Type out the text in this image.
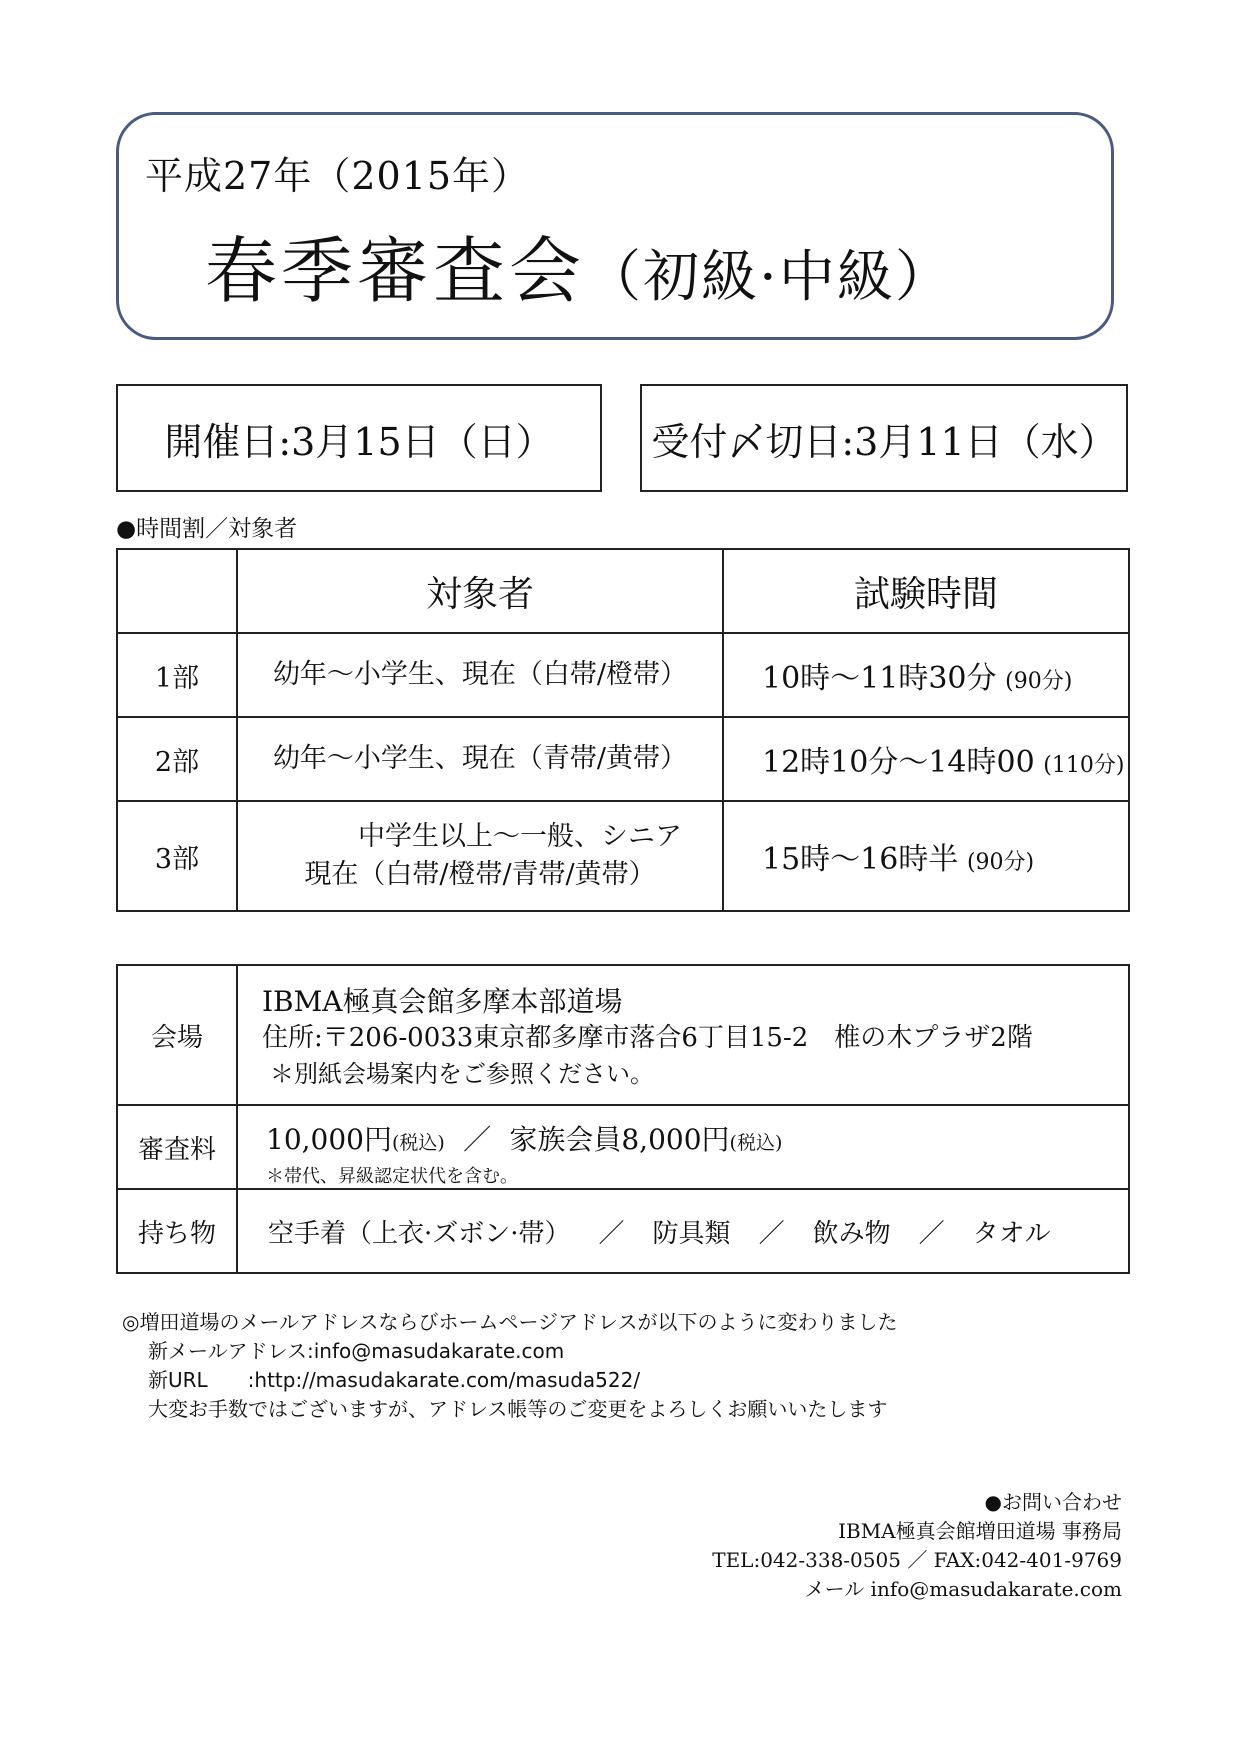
平成27年（2015年）
春季審査会（初級·中級）
開催日:3月15日（日）	受付〆切日:3月11日（水）
●時間割／対象者
	対象者	試験時間
1部	幼年～小学生、現在（白帯/橙帯）	10時～11時30分 (90分)
2部	幼年～小学生、現在（青帯/黄帯）	12時10分～14時00 (110分)
3部	中学生以上～一般、シニア
現在（白帯/橙帯/青帯/黄帯）	15時～16時半 (90分)
会場	IBMA極真会館多摩本部道場
住所:〒206-0033東京都多摩市落合6丁目15-2　椎の木プラザ2階
＊別紙会場案内をご参照ください。

審査料	10,000円(税込) ／ 家族会員8,000円(税込)
＊帯代、昇級認定状代を含む。

持ち物	空手着（上衣·ズボン·帯） ／ 防具類 ／ 飲み物 ／ タオル
◎増田道場のメールアドレスならびホームページアドレスが以下のように変わりました
新メールアドレス:info@masudakarate.com
新URL　　:http://masudakarate.com/masuda522/
大変お手数ではございますが、アドレス帳等のご変更をよろしくお願いいたします
●お問い合わせ
IBMA極真会館増田道場 事務局
TEL:042-338-0505 ／ FAX:042-401-9769
メール info@masudakarate.com
